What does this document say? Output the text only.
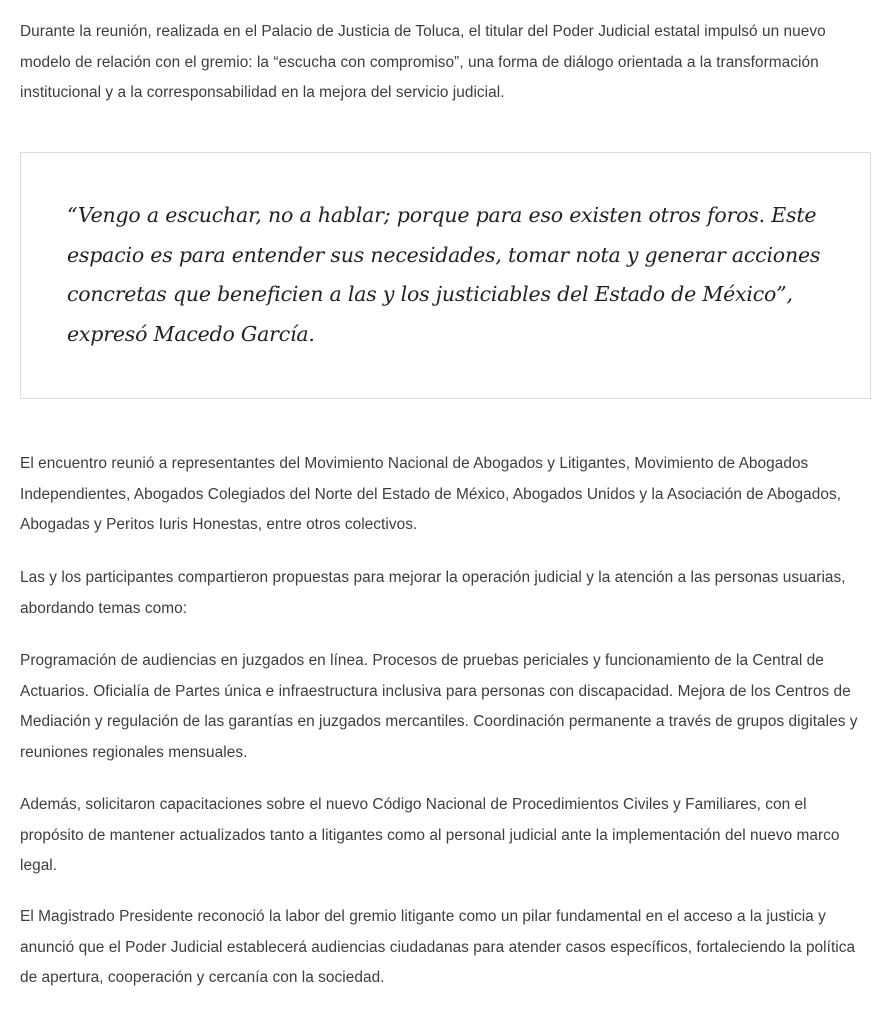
Durante la reunión, realizada en el Palacio de Justicia de Toluca, el titular del Poder Judicial estatal impulsó un nuevo modelo de relación con el gremio: la “escucha con compromiso”, una forma de diálogo orientada a la transformación institucional y a la corresponsabilidad en la mejora del servicio judicial.

“Vengo a escuchar, no a hablar; porque para eso existen otros foros. Este espacio es para entender sus necesidades, tomar nota y generar acciones concretas que beneficien a las y los justiciables del Estado de México”, expresó Macedo García.

El encuentro reunió a representantes del Movimiento Nacional de Abogados y Litigantes, Movimiento de Abogados Independientes, Abogados Colegiados del Norte del Estado de México, Abogados Unidos y la Asociación de Abogados, Abogadas y Peritos Iuris Honestas, entre otros colectivos.

Las y los participantes compartieron propuestas para mejorar la operación judicial y la atención a las personas usuarias, abordando temas como:

Programación de audiencias en juzgados en línea. Procesos de pruebas periciales y funcionamiento de la Central de Actuarios. Oficialía de Partes única e infraestructura inclusiva para personas con discapacidad. Mejora de los Centros de Mediación y regulación de las garantías en juzgados mercantiles. Coordinación permanente a través de grupos digitales y reuniones regionales mensuales.

Además, solicitaron capacitaciones sobre el nuevo Código Nacional de Procedimientos Civiles y Familiares, con el propósito de mantener actualizados tanto a litigantes como al personal judicial ante la implementación del nuevo marco legal.

El Magistrado Presidente reconoció la labor del gremio litigante como un pilar fundamental en el acceso a la justicia y anunció que el Poder Judicial establecerá audiencias ciudadanas para atender casos específicos, fortaleciendo la política de apertura, cooperación y cercanía con la sociedad.
